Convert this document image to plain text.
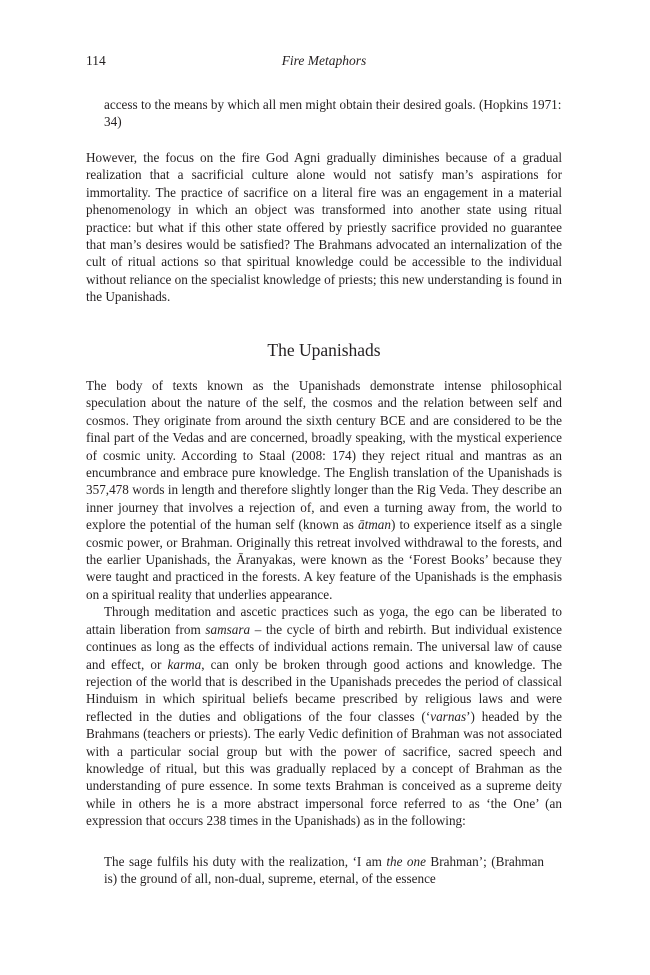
114	Fire Metaphors

access to the means by which all men might obtain their desired goals. (Hopkins 1971: 34)

However, the focus on the fire God Agni gradually diminishes because of a gradual realization that a sacrificial culture alone would not satisfy man’s aspirations for immortality. The practice of sacrifice on a literal fire was an engagement in a material phenomenology in which an object was transformed into another state using ritual practice: but what if this other state offered by priestly sacrifice provided no guarantee that man’s desires would be satisfied? The Brahmans advocated an internalization of the cult of ritual actions so that spiritual knowledge could be accessible to the individual without reliance on the specialist knowledge of priests; this new understanding is found in the Upanishads.

The Upanishads

The body of texts known as the Upanishads demonstrate intense philosophical speculation about the nature of the self, the cosmos and the relation between self and cosmos. They originate from around the sixth century BCE and are considered to be the final part of the Vedas and are concerned, broadly speaking, with the mystical experience of cosmic unity. According to Staal (2008: 174) they reject ritual and mantras as an encumbrance and embrace pure knowledge. The English translation of the Upanishads is 357,478 words in length and therefore slightly longer than the Rig Veda. They describe an inner journey that involves a rejection of, and even a turning away from, the world to explore the potential of the human self (known as ātman) to experience itself as a single cosmic power, or Brahman. Originally this retreat involved withdrawal to the forests, and the earlier Upanishads, the Āranyakas, were known as the ‘Forest Books’ because they were taught and practiced in the forests. A key feature of the Upanishads is the emphasis on a spiritual reality that underlies appearance.

Through meditation and ascetic practices such as yoga, the ego can be liberated to attain liberation from samsara – the cycle of birth and rebirth. But individual existence continues as long as the effects of individual actions remain. The universal law of cause and effect, or karma, can only be broken through good actions and knowledge. The rejection of the world that is described in the Upanishads precedes the period of classical Hinduism in which spiritual beliefs became prescribed by religious laws and were reflected in the duties and obligations of the four classes (‘varnas’) headed by the Brahmans (teachers or priests). The early Vedic definition of Brahman was not associated with a particular social group but with the power of sacrifice, sacred speech and knowledge of ritual, but this was gradually replaced by a concept of Brahman as the understanding of pure essence. In some texts Brahman is conceived as a supreme deity while in others he is a more abstract impersonal force referred to as ‘the One’ (an expression that occurs 238 times in the Upanishads) as in the following:

The sage fulfils his duty with the realization, ‘I am the one Brahman’; (Brahman is) the ground of all, non-dual, supreme, eternal, of the essence
